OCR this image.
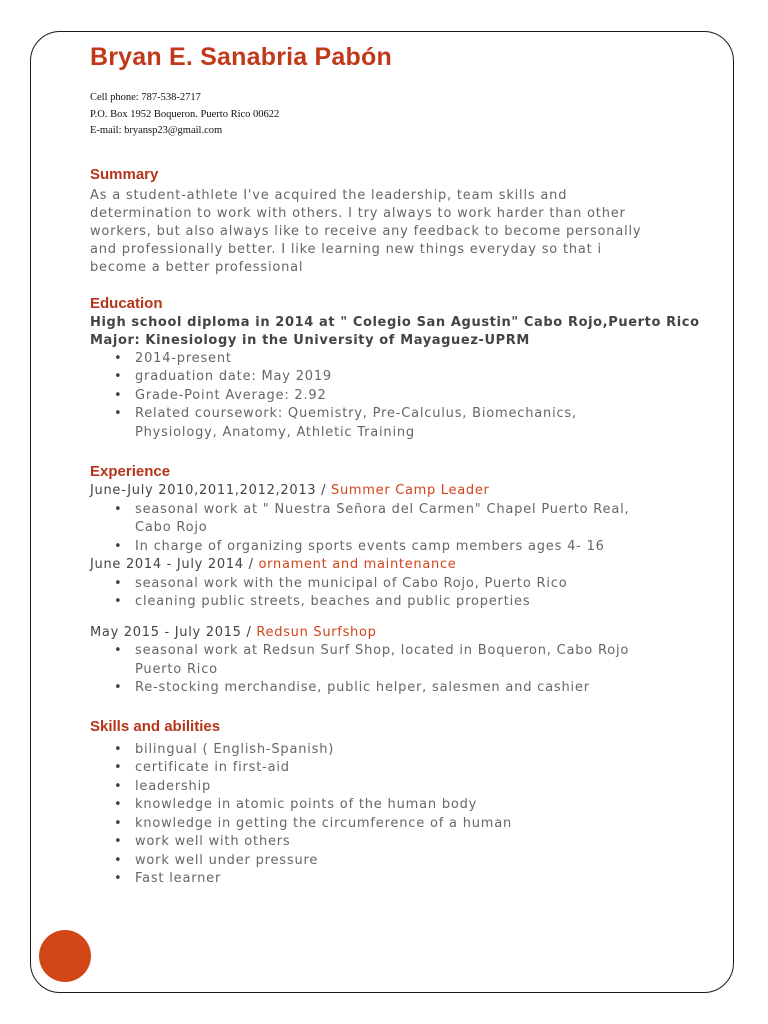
Bryan E. Sanabria Pabón
Cell phone: 787-538-2717
P.O. Box 1952 Boqueron. Puerto Rico 00622
E-mail: bryansp23@gmail.com
Summary
As a student-athlete I've acquired the leadership, team skills and
determination to work with others. I try always to work harder than other
workers, but also always like to receive any feedback to become personally
and professionally better. I like learning new things everyday so that i
become a better professional
Education
High school diploma in 2014 at " Colegio San Agustin" Cabo Rojo,Puerto Rico
Major: Kinesiology in the University of Mayaguez-UPRM
• 2014-present
• graduation date: May 2019
• Grade-Point Average: 2.92
• Related coursework: Quemistry, Pre-Calculus, Biomechanics,
Physiology, Anatomy, Athletic Training
Experience
June-July 2010,2011,2012,2013 / Summer Camp Leader
• seasonal work at " Nuestra Señora del Carmen" Chapel Puerto Real,
Cabo Rojo
• In charge of organizing sports events camp members ages 4- 16
June 2014 - July 2014 / ornament and maintenance
• seasonal work with the municipal of Cabo Rojo, Puerto Rico
• cleaning public streets, beaches and public properties
May 2015 - July 2015 / Redsun Surfshop
• seasonal work at Redsun Surf Shop, located in Boqueron, Cabo Rojo
Puerto Rico
• Re-stocking merchandise, public helper, salesmen and cashier
Skills and abilities
• bilingual ( English-Spanish)
• certificate in first-aid
• leadership
• knowledge in atomic points of the human body
• knowledge in getting the circumference of a human
• work well with others
• work well under pressure
• Fast learner
